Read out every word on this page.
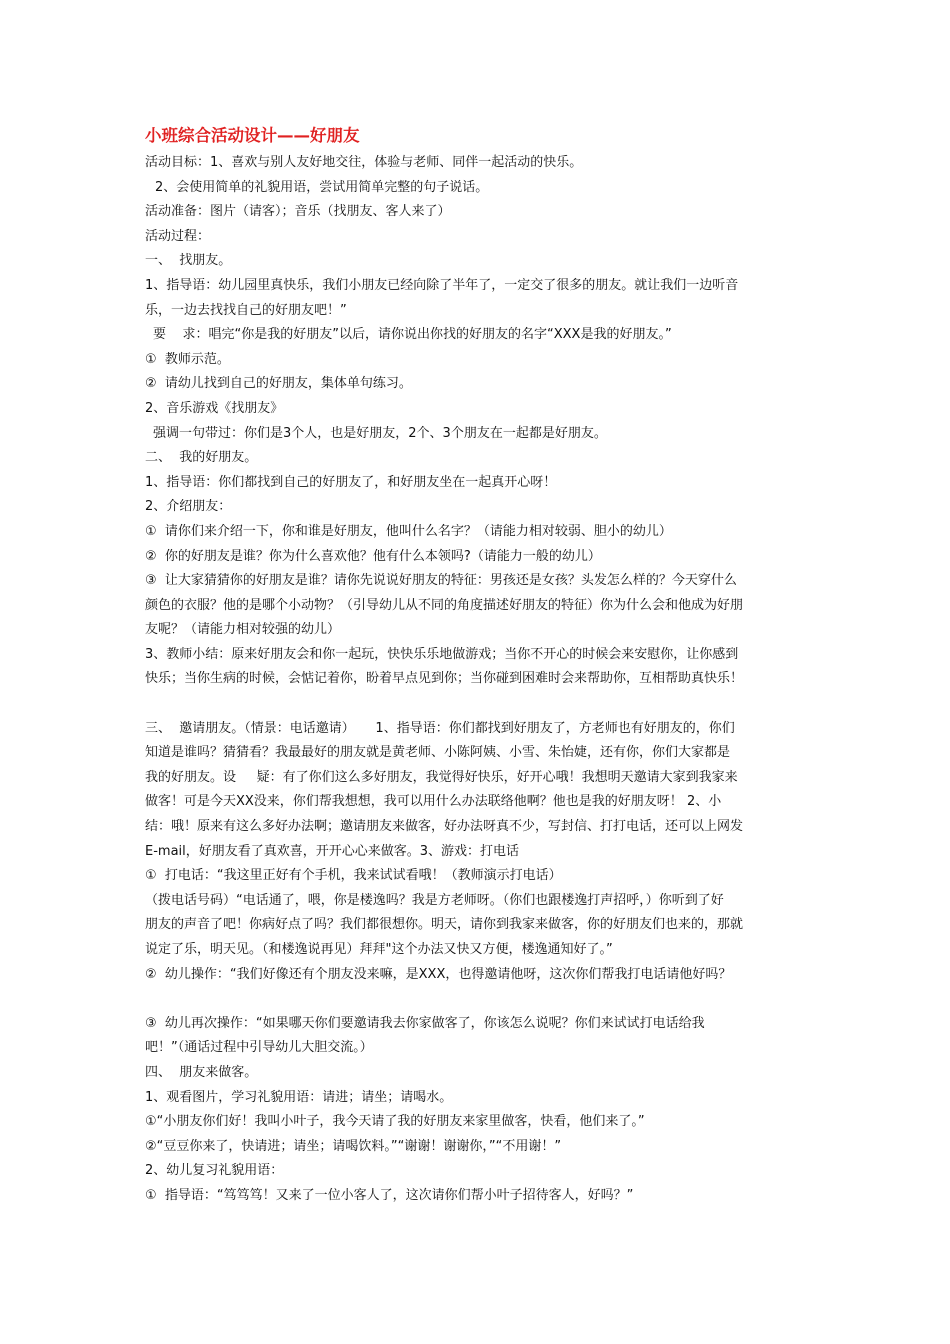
小班综合活动设计——好朋友

活动目标：1、喜欢与别人友好地交往，体验与老师、同伴一起活动的快乐。

2、会使用简单的礼貌用语，尝试用简单完整的句子说话。

活动准备：图片（请客）；音乐（找朋友、客人来了）

活动过程：

一、  找朋友。

1、指导语：幼儿园里真快乐，我们小朋友已经向除了半年了，一定交了很多的朋友。就让我们一边听音

乐，一边去找找自己的好朋友吧！”

要    求：唱完“你是我的好朋友”以后，请你说出你找的好朋友的名字“XXX是我的好朋友。”

①  教师示范。

②  请幼儿找到自己的好朋友，集体单句练习。

2、音乐游戏《找朋友》

强调一句带过：你们是3个人，也是好朋友，2个、3个朋友在一起都是好朋友。

二、  我的好朋友。

1、指导语：你们都找到自己的好朋友了，和好朋友坐在一起真开心呀！

2、介绍朋友：

①  请你们来介绍一下，你和谁是好朋友，他叫什么名字？（请能力相对较弱、胆小的幼儿）

②  你的好朋友是谁？你为什么喜欢他？他有什么本领吗?（请能力一般的幼儿）

③  让大家猜猜你的好朋友是谁？请你先说说好朋友的特征：男孩还是女孩？头发怎么样的？今天穿什么

颜色的衣服？他的是哪个小动物？（引导幼儿从不同的角度描述好朋友的特征）你为什么会和他成为好朋

友呢？（请能力相对较强的幼儿）

3、教师小结：原来好朋友会和你一起玩，快快乐乐地做游戏；当你不开心的时候会来安慰你，让你感到

快乐；当你生病的时候，会惦记着你，盼着早点见到你；当你碰到困难时会来帮助你，互相帮助真快乐！

三、  邀请朋友。（情景：电话邀请）     1、指导语：你们都找到好朋友了，方老师也有好朋友的，你们

知道是谁吗？猜猜看？我最最好的朋友就是黄老师、小陈阿姨、小雪、朱怡婕，还有你，你们大家都是

我的好朋友。设     疑：有了你们这么多好朋友，我觉得好快乐，好开心哦！我想明天邀请大家到我家来

做客！可是今天XX没来，你们帮我想想，我可以用什么办法联络他啊？他也是我的好朋友呀！ 2、小

结：哦！原来有这么多好办法啊；邀请朋友来做客，好办法呀真不少，写封信、打打电话，还可以上网发

E-mail，好朋友看了真欢喜，开开心心来做客。3、游戏：打电话

①  打电话：“我这里正好有个手机，我来试试看哦！（教师演示打电话）

（拨电话号码）“电话通了，喂，你是楼逸吗？我是方老师呀。（你们也跟楼逸打声招呼，）你听到了好

朋友的声音了吧！你病好点了吗？我们都很想你。明天，请你到我家来做客，你的好朋友们也来的，那就

说定了乐，明天见。（和楼逸说再见）拜拜"这个办法又快又方便，楼逸通知好了。”

②  幼儿操作：“我们好像还有个朋友没来嘛，是XXX，也得邀请他呀，这次你们帮我打电话请他好吗？

③  幼儿再次操作：“如果哪天你们要邀请我去你家做客了，你该怎么说呢？你们来试试打电话给我

吧！”（通话过程中引导幼儿大胆交流。）

四、  朋友来做客。

1、观看图片，学习礼貌用语：请进；请坐；请喝水。

①“小朋友你们好！我叫小叶子，我今天请了我的好朋友来家里做客，快看，他们来了。”

②“豆豆你来了，快请进；请坐；请喝饮料。”“谢谢！谢谢你，”“不用谢！”

2、幼儿复习礼貌用语：

①  指导语：“笃笃笃！又来了一位小客人了，这次请你们帮小叶子招待客人，好吗？”
